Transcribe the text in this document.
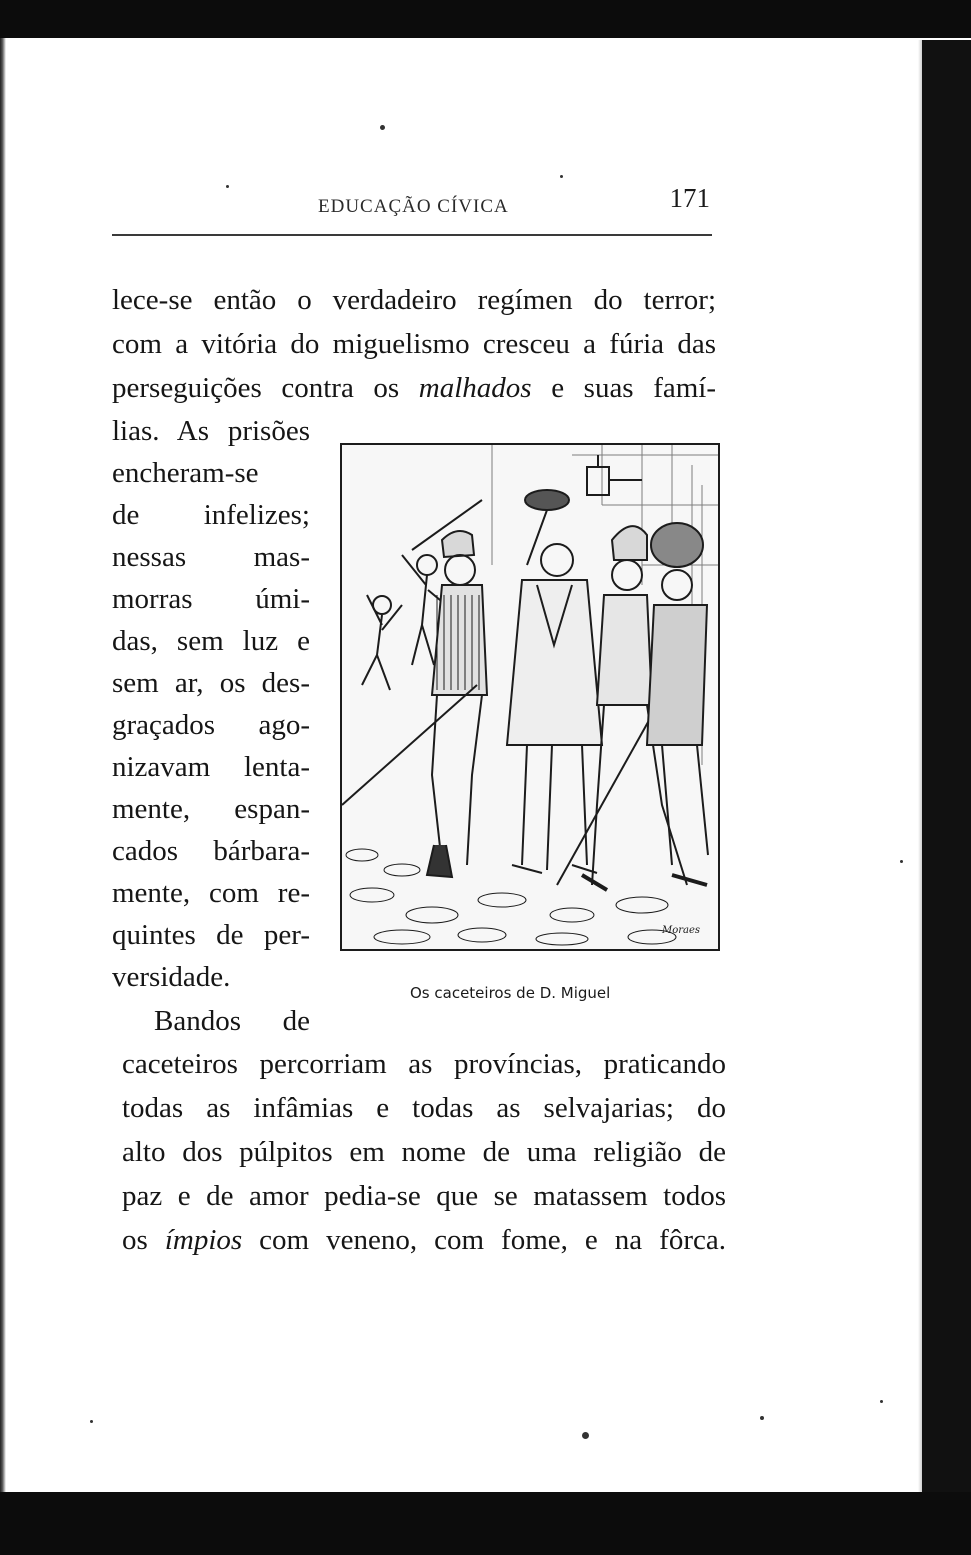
EDUCAÇÃO CÍVICA	171
lece-se então o verdadeiro regímen do terror;
com a vitória do miguelismo cresceu a fúria das
perseguições contra os malhados e suas famí-
lias. As prisões
encheram-se
de infelizes;
nessas mas-
morras úmi-
das, sem luz e
sem ar, os des-
graçados ago-
nizavam lenta-
mente, espan-
cados bárbara-
mente, com re-
quintes de per-
versidade.
Bandos de
Moraes
Os caceteiros de D. Miguel
caceteiros percorriam as províncias, praticando
todas as infâmias e todas as selvajarias; do
alto dos púlpitos em nome de uma religião de
paz e de amor pedia-se que se matassem todos
os ímpios com veneno, com fome, e na fôrca.
